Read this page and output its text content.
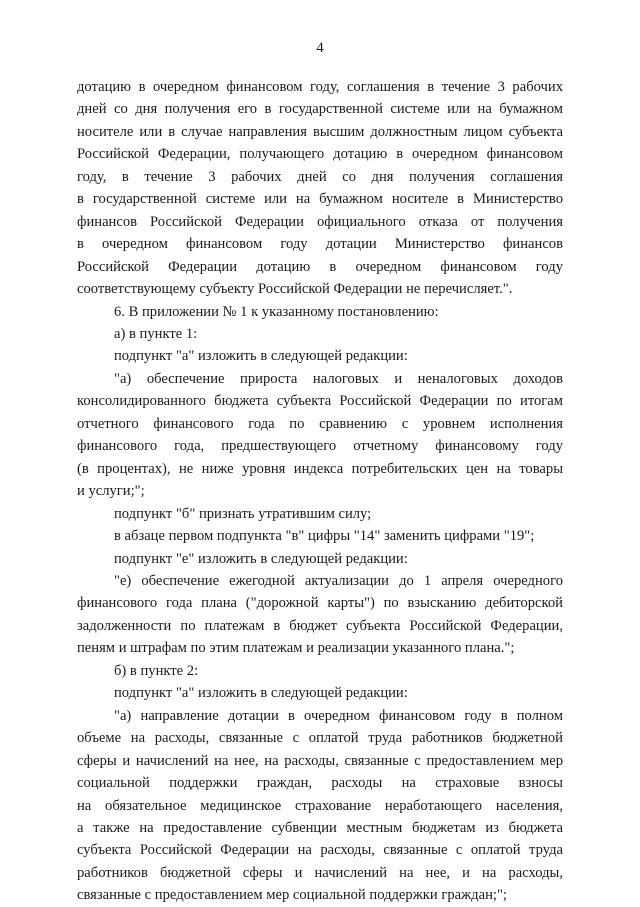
4
дотацию в очередном финансовом году, соглашения в течение 3 рабочих
дней со дня получения его в государственной системе или на бумажном
носителе или в случае направления высшим должностным лицом субъекта
Российской Федерации, получающего дотацию в очередном финансовом
году, в течение 3 рабочих дней со дня получения соглашения
в государственной системе или на бумажном носителе в Министерство
финансов Российской Федерации официального отказа от получения
в очередном финансовом году дотации Министерство финансов
Российской Федерации дотацию в очередном финансовом году
соответствующему субъекту Российской Федерации не перечисляет.".
6. В приложении № 1 к указанному постановлению:
а) в пункте 1:
подпункт "а" изложить в следующей редакции:
"а) обеспечение прироста налоговых и неналоговых доходов
консолидированного бюджета субъекта Российской Федерации по итогам
отчетного финансового года по сравнению с уровнем исполнения
финансового года, предшествующего отчетному финансовому году
(в процентах), не ниже уровня индекса потребительских цен на товары
и услуги;";
подпункт "б" признать утратившим силу;
в абзаце первом подпункта "в" цифры "14" заменить цифрами "19";
подпункт "е" изложить в следующей редакции:
"е) обеспечение ежегодной актуализации до 1 апреля очередного
финансового года плана ("дорожной карты") по взысканию дебиторской
задолженности по платежам в бюджет субъекта Российской Федерации,
пеням и штрафам по этим платежам и реализации указанного плана.";
б) в пункте 2:
подпункт "а" изложить в следующей редакции:
"а) направление дотации в очередном финансовом году в полном
объеме на расходы, связанные с оплатой труда работников бюджетной
сферы и начислений на нее, на расходы, связанные с предоставлением мер
социальной поддержки граждан, расходы на страховые взносы
на обязательное медицинское страхование неработающего населения,
а также на предоставление субвенции местным бюджетам из бюджета
субъекта Российской Федерации на расходы, связанные с оплатой труда
работников бюджетной сферы и начислений на нее, и на расходы,
связанные с предоставлением мер социальной поддержки граждан;";
